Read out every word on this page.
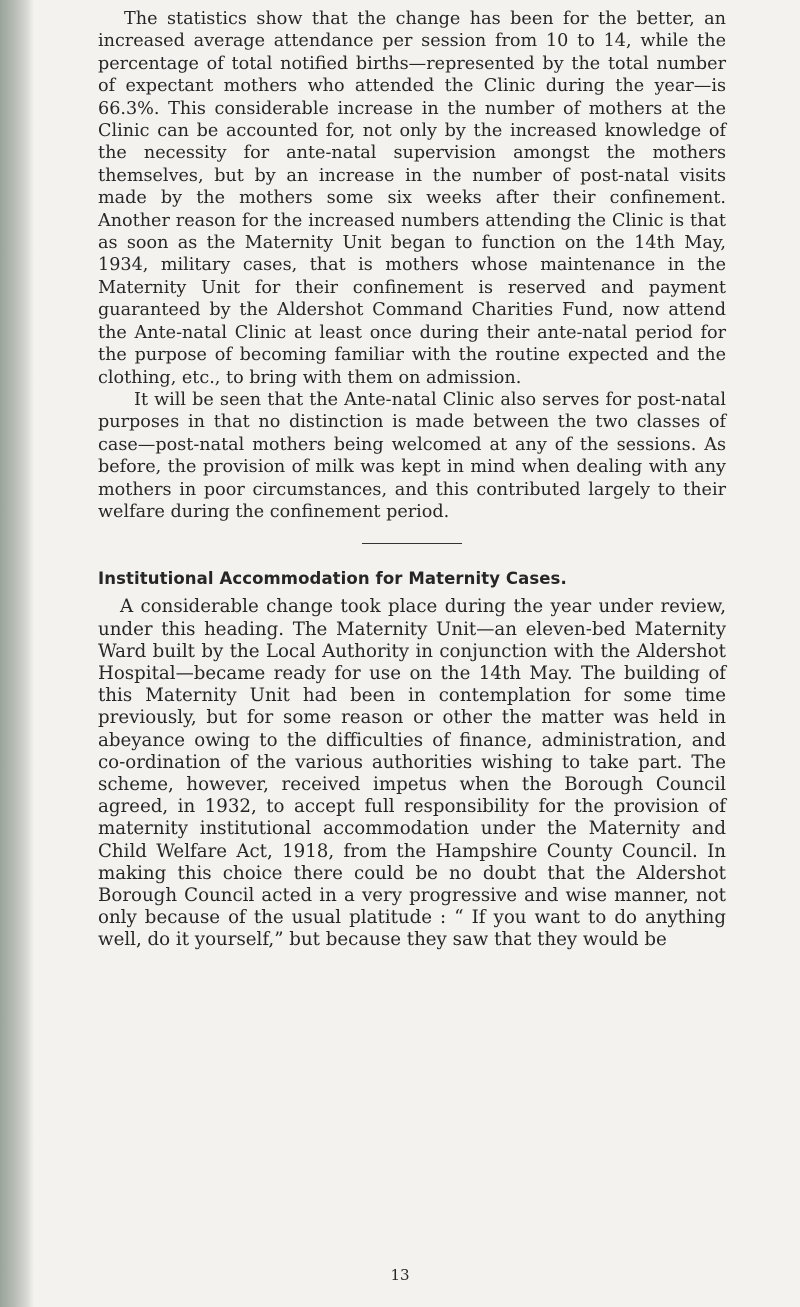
The statistics show that the change has been for the better, an increased average attendance per session from 10 to 14, while the percentage of total notified births—represented by the total number of expectant mothers who attended the Clinic during the year—is 66.3%. This considerable increase in the number of mothers at the Clinic can be accounted for, not only by the increased knowledge of the necessity for ante-natal supervision amongst the mothers themselves, but by an increase in the number of post-natal visits made by the mothers some six weeks after their confinement. Another reason for the increased numbers attending the Clinic is that as soon as the Maternity Unit began to function on the 14th May, 1934, military cases, that is mothers whose maintenance in the Maternity Unit for their confinement is reserved and payment guaranteed by the Aldershot Command Charities Fund, now attend the Ante-natal Clinic at least once during their ante-natal period for the purpose of becoming familiar with the routine expected and the clothing, etc., to bring with them on admission.

It will be seen that the Ante-natal Clinic also serves for post-natal purposes in that no distinction is made between the two classes of case—post-natal mothers being welcomed at any of the sessions. As before, the provision of milk was kept in mind when dealing with any mothers in poor circumstances, and this contributed largely to their welfare during the confinement period.

Institutional Accommodation for Maternity Cases.

A considerable change took place during the year under review, under this heading. The Maternity Unit—an eleven-bed Maternity Ward built by the Local Authority in conjunction with the Aldershot Hospital—became ready for use on the 14th May. The building of this Maternity Unit had been in contemplation for some time previously, but for some reason or other the matter was held in abeyance owing to the difficulties of finance, administration, and co-ordination of the various authorities wishing to take part. The scheme, however, received impetus when the Borough Council agreed, in 1932, to accept full responsibility for the provision of maternity institutional accommodation under the Maternity and Child Welfare Act, 1918, from the Hampshire County Council. In making this choice there could be no doubt that the Aldershot Borough Council acted in a very progressive and wise manner, not only because of the usual platitude : “ If you want to do anything well, do it yourself,” but because they saw that they would be

13
